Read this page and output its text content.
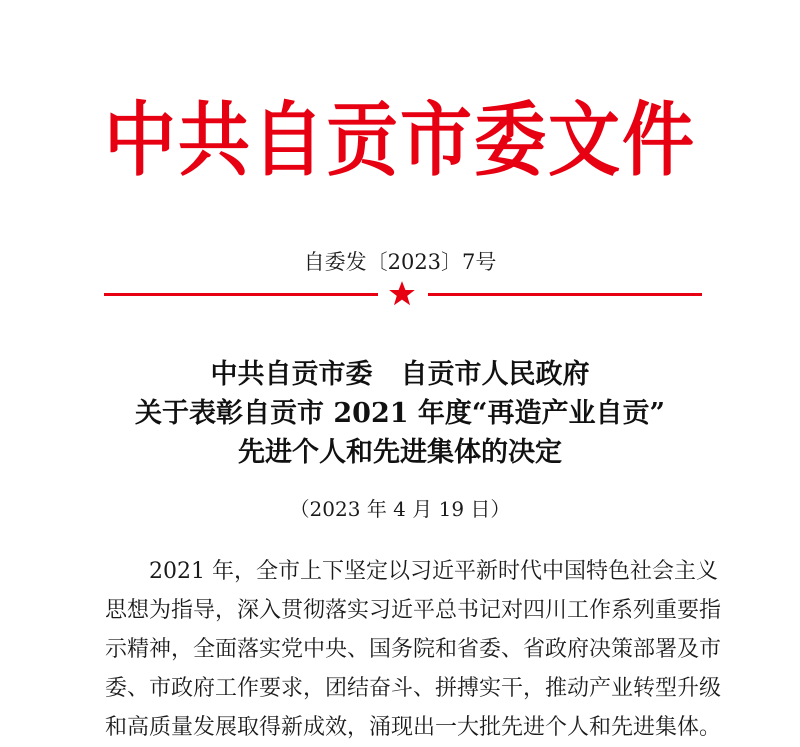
中共自贡市委文件
自委发〔2023〕7号
中共自贡市委 自贡市人民政府
关于表彰自贡市 2021 年度“再造产业自贡”
先进个人和先进集体的决定
（2023 年 4 月 19 日）
2021 年，全市上下坚定以习近平新时代中国特色社会主义
思想为指导，深入贯彻落实习近平总书记对四川工作系列重要指
示精神，全面落实党中央、国务院和省委、省政府决策部署及市
委、市政府工作要求，团结奋斗、拼搏实干，推动产业转型升级
和高质量发展取得新成效，涌现出一大批先进个人和先进集体。
